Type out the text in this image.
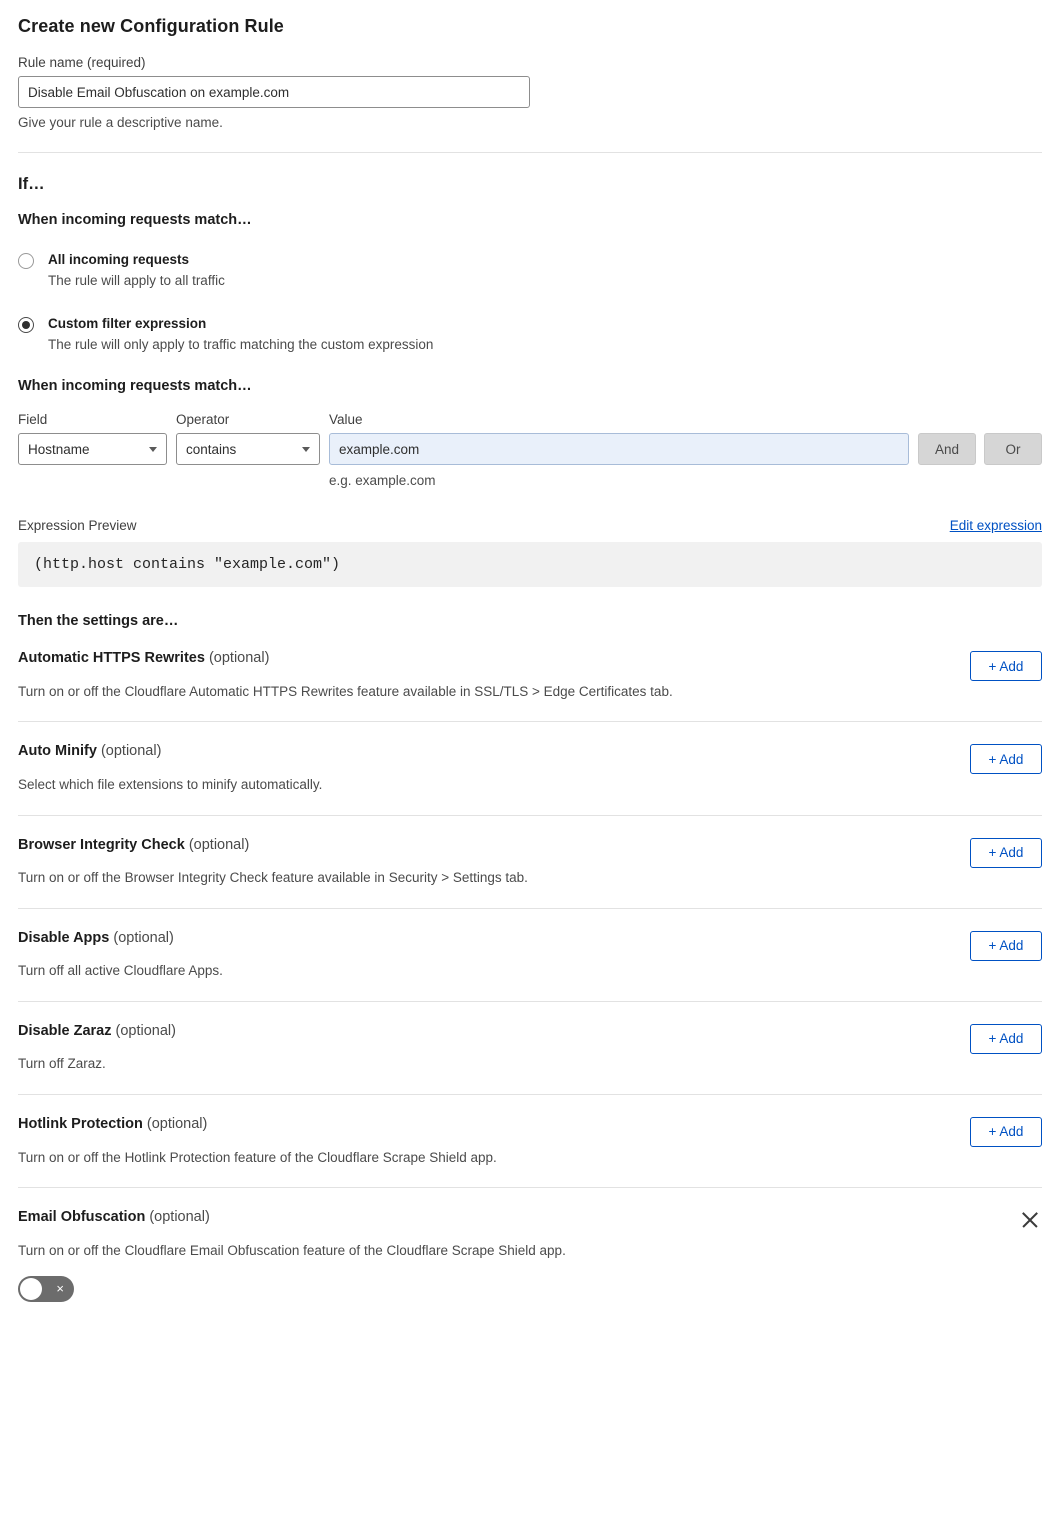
Create new Configuration Rule
Rule name (required)
Disable Email Obfuscation on example.com
Give your rule a descriptive name.
If…
When incoming requests match…
All incoming requests
The rule will apply to all traffic
Custom filter expression
The rule will only apply to traffic matching the custom expression
When incoming requests match…
Field
Hostname
Operator
contains
Value
example.com
e.g. example.com
And	Or
Expression Preview	Edit expression
(http.host contains "example.com")
Then the settings are…
Automatic HTTPS Rewrites (optional)
Turn on or off the Cloudflare Automatic HTTPS Rewrites feature available in SSL/TLS > Edge Certificates tab.
+ Add
Auto Minify (optional)
Select which file extensions to minify automatically.
+ Add
Browser Integrity Check (optional)
Turn on or off the Browser Integrity Check feature available in Security > Settings tab.
+ Add
Disable Apps (optional)
Turn off all active Cloudflare Apps.
+ Add
Disable Zaraz (optional)
Turn off Zaraz.
+ Add
Hotlink Protection (optional)
Turn on or off the Hotlink Protection feature of the Cloudflare Scrape Shield app.
+ Add
Email Obfuscation (optional)
Turn on or off the Cloudflare Email Obfuscation feature of the Cloudflare Scrape Shield app.
×
